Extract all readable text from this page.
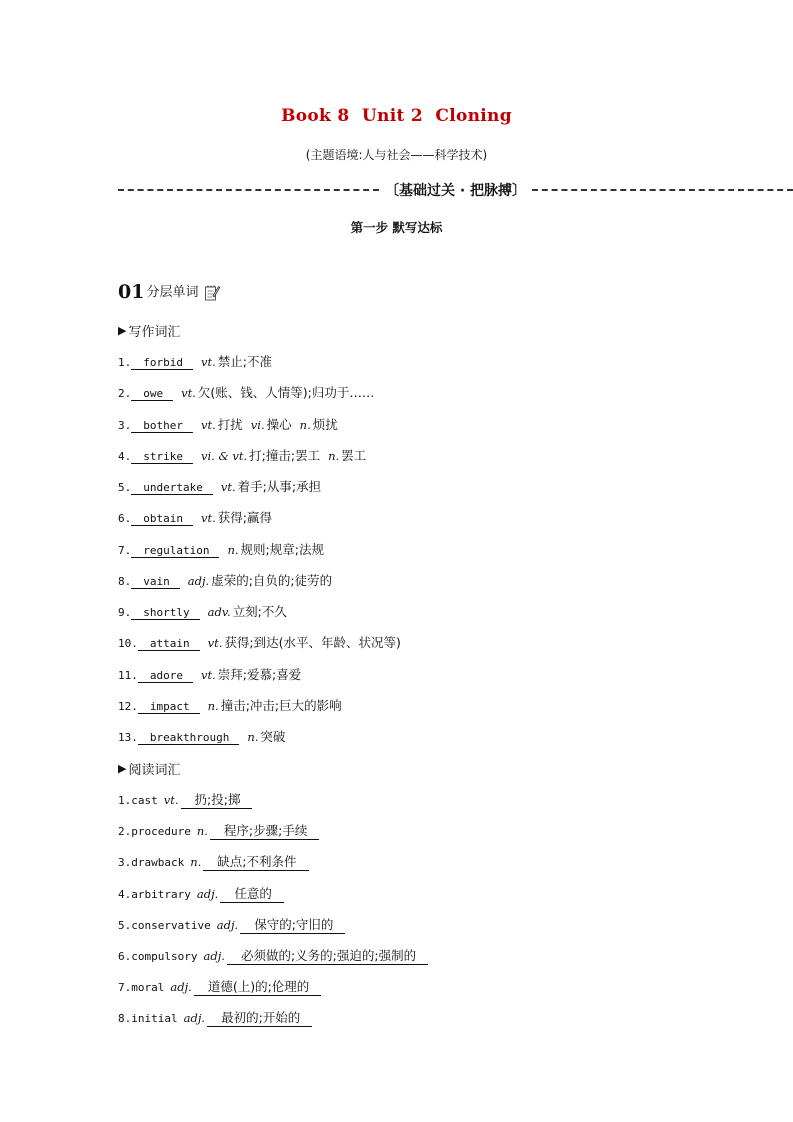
Book 8  Unit 2  Cloning
(主题语境:人与社会——科学技术)
〔基础过关 · 把脉搏〕
第一步 默写达标
01 分层单词
▶ 写作词汇
1.	forbid	vt. 禁止;不准
2.	owe	vt. 欠(账、钱、人情等);归功于……
3.	bother	vt. 打扰 vi. 操心 n. 烦扰
4.	strike	vi. & vt. 打;撞击;罢工 n. 罢工
5.	undertake	vt. 着手;从事;承担
6.	obtain	vt. 获得;赢得
7.	regulation	n. 规则;规章;法规
8.	vain	adj. 虚荣的;自负的;徒劳的
9.	shortly	adv. 立刻;不久
10.	attain	vt. 获得;到达(水平、年龄、状况等)
11.	adore	vt. 崇拜;爱慕;喜爱
12.	impact	n. 撞击;冲击;巨大的影响
13.	breakthrough	n. 突破
▶ 阅读词汇
1. cast vt.	扔;投;掷
2. procedure n.	程序;步骤;手续
3. drawback n.	缺点;不利条件
4. arbitrary adj.	任意的
5. conservative adj.	保守的;守旧的
6. compulsory adj.	必须做的;义务的;强迫的;强制的
7. moral adj.	道德(上)的;伦理的
8. initial adj.	最初的;开始的
